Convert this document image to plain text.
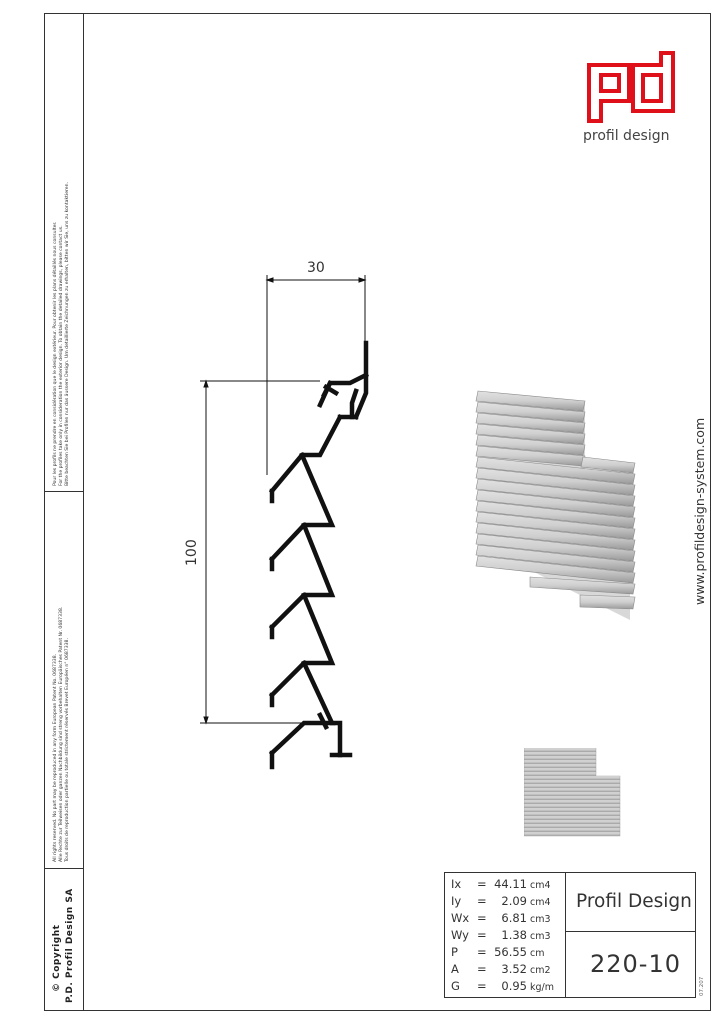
© Copyright P.D. Profil Design SA
All rights reserved. No part may be reproduced in any form European Patent No. 0687338. Alle Rechte zur Teilweisen oder ganzen Nachbildung sind streng vorbehalten Europäisches Patent Nr. 0687338. Tous droits de reproduction partielle ou totale strictement réservés Brevet Européen n° 0687338.
Pour les profils ne prendre en considération que le design extérieur. Pour obtenir les plans détaillés nous consulter. For the profiles take only in consideration the exterior design. To obtain the detailed drawings, please contact us. Bitte beachten Sie bei Profilen nur das äussere Design. Um detaillierte Zeichnungen zu erhalten, bitten wir Sie, uns zu kontaktieren.
profil design
www.profildesign-system.com
30
100
Ix = 44.11 cm4
Iy = 2.09 cm4
Wx = 6.81 cm3
Wy = 1.38 cm3
P = 56.55 cm
A = 3.52 cm2
G = 0.95 kg/m
Profil Design
220-10
07.207
